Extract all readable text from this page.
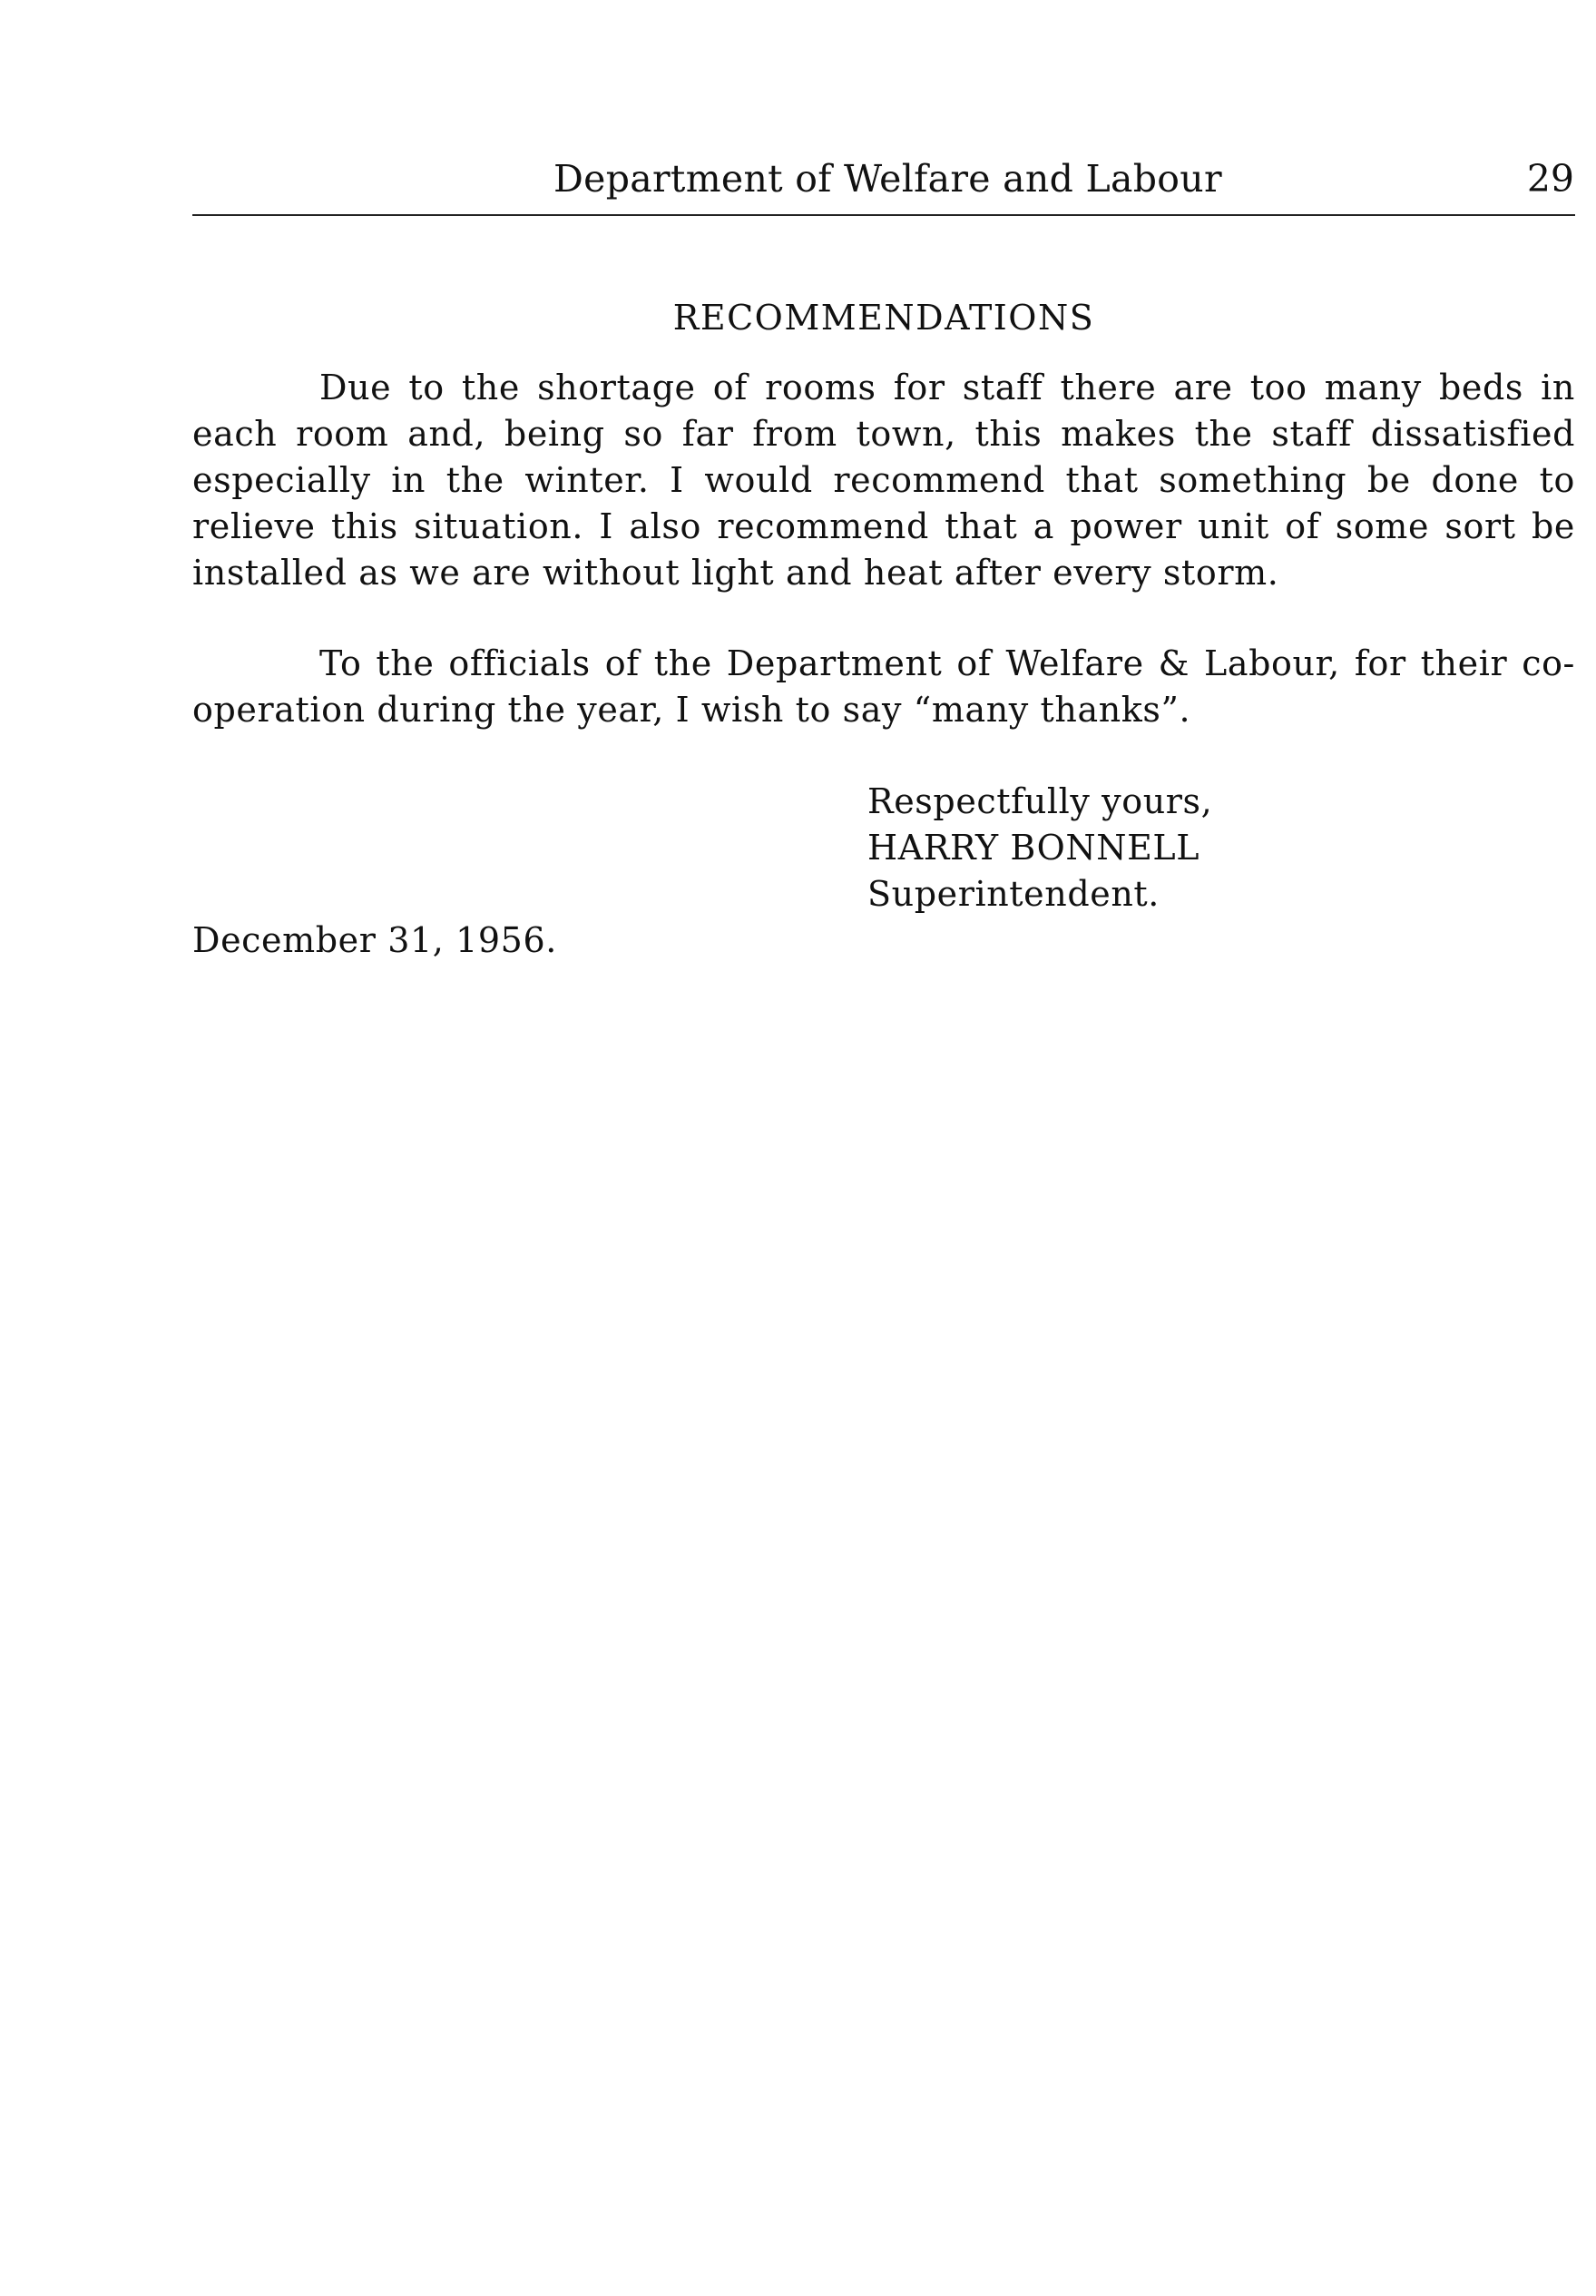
Department of Welfare and Labour	29
RECOMMENDATIONS
Due to the shortage of rooms for staff there are too many beds in
each room and, being so far from town, this makes the staff dissatisfied
especially in the winter. I would recommend that something be done to
relieve this situation. I also recommend that a power unit of some sort be
installed as we are without light and heat after every storm.
To the officials of the Department of Welfare & Labour, for their co-
operation during the year, I wish to say “many thanks”.
Respectfully yours,
HARRY BONNELL
Superintendent.
December 31, 1956.
